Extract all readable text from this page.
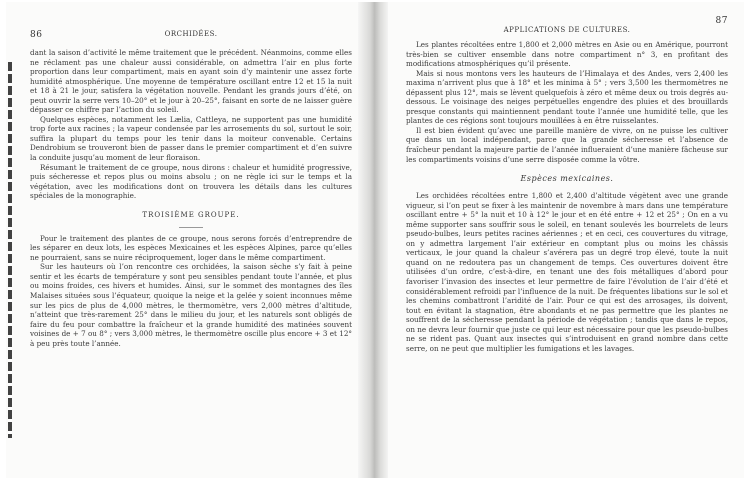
86	ORCHIDÉES.

dant la saison d’activité le même traitement que le précédent. Néanmoins, comme elles ne réclament pas une chaleur aussi considérable, on admettra l’air en plus forte proportion dans leur compartiment, mais en ayant soin d’y maintenir une assez forte humidité atmosphérique. Une moyenne de température oscillant entre 12 et 15 la nuit et 18 à 21 le jour, satisfera la végétation nouvelle. Pendant les grands jours d’été, on peut ouvrir la serre vers 10–20° et le jour à 20–25°, faisant en sorte de ne laisser guère dépasser ce chiffre par l’action du soleil.

Quelques espèces, notamment les Lælia, Cattleya, ne supportent pas une humidité trop forte aux racines ; la vapeur condensée par les arrosements du sol, surtout le soir, suffira la plupart du temps pour les tenir dans la moiteur convenable. Certains Dendrobium se trouveront bien de passer dans le premier compartiment et d’en suivre la conduite jusqu’au moment de leur floraison.

Résumant le traitement de ce groupe, nous dirons : chaleur et humidité progressive, puis sécheresse et repos plus ou moins absolu ; on ne règle ici sur le temps et la végétation, avec les modifications dont on trouvera les détails dans les cultures spéciales de la monographie.

TROISIÈME GROUPE.

Pour le traitement des plantes de ce groupe, nous serons forcés d’entreprendre de les séparer en deux lots, les espèces Mexicaines et les espèces Alpines, parce qu’elles ne pourraient, sans se nuire réciproquement, loger dans le même compartiment.

Sur les hauteurs où l’on rencontre ces orchidées, la saison sèche s’y fait à peine sentir et les écarts de température y sont peu sensibles pendant toute l’année, et plus ou moins froides, ces hivers et humides. Ainsi, sur le sommet des montagnes des îles Malaises situées sous l’équateur, quoique la neige et la gelée y soient inconnues même sur les pics de plus de 4,000 mètres, le thermomètre, vers 2,000 mètres d’altitude, n’atteint que très-rarement 25° dans le milieu du jour, et les naturels sont obligés de faire du feu pour combattre la fraîcheur et la grande humidité des matinées souvent voisines de + 7 ou 8° ; vers 3,000 mètres, le thermomètre oscille plus encore + 3 et 12° à peu près toute l’année.

APPLICATIONS DE CULTURES.
87

Les plantes récoltées entre 1,800 et 2,000 mètres en Asie ou en Amérique, pourront très-bien se cultiver ensemble dans notre compartiment n° 3, en profitant des modifications atmosphériques qu’il présente.

Mais si nous montons vers les hauteurs de l’Himalaya et des Andes, vers 2,400 les maxima n’arrivent plus que à 18° et les minima à 5° ; vers 3,500 les thermomètres ne dépassent plus 12°, mais se lèvent quelquefois à zéro et même deux ou trois degrés au-dessous. Le voisinage des neiges perpétuelles engendre des pluies et des brouillards presque constants qui maintiennent pendant toute l’année une humidité telle, que les plantes de ces régions sont toujours mouillées à en être ruisselantes.

Il est bien évident qu’avec une pareille manière de vivre, on ne puisse les cultiver que dans un local indépendant, parce que la grande sécheresse et l’absence de fraîcheur pendant la majeure partie de l’année influeraient d’une manière fâcheuse sur les compartiments voisins d’une serre disposée comme la vôtre.

Espèces mexicaines.

Les orchidées récoltées entre 1,800 et 2,400 d’altitude végètent avec une grande vigueur, si l’on peut se fixer à les maintenir de novembre à mars dans une température oscillant entre + 5° la nuit et 10 à 12° le jour et en été entre + 12 et 25° ; On en a vu même supporter sans souffrir sous le soleil, en tenant soulevés les bourrelets de leurs pseudo-bulbes, leurs petites racines aériennes ; et en ceci, ces couvertures du vitrage, on y admettra largement l’air extérieur en comptant plus ou moins les châssis verticaux, le jour quand la chaleur s’avérera pas un degré trop élevé, toute la nuit quand on ne redoutera pas un changement de temps. Ces ouvertures doivent être utilisées d’un ordre, c’est-à-dire, en tenant une des fois métalliques d’abord pour favoriser l’invasion des insectes et leur permettre de faire l’évolution de l’air d’été et considérablement refroidi par l’influence de la nuit. De fréquentes libations sur le sol et les chemins combattront l’aridité de l’air. Pour ce qui est des arrosages, ils doivent, tout en évitant la stagnation, être abondants et ne pas permettre que les plantes ne souffrent de la sécheresse pendant la période de végétation ; tandis que dans le repos, on ne devra leur fournir que juste ce qui leur est nécessaire pour que les pseudo-bulbes ne se rident pas. Quant aux insectes qui s’introduisent en grand nombre dans cette serre, on ne peut que multiplier les fumigations et les lavages.
